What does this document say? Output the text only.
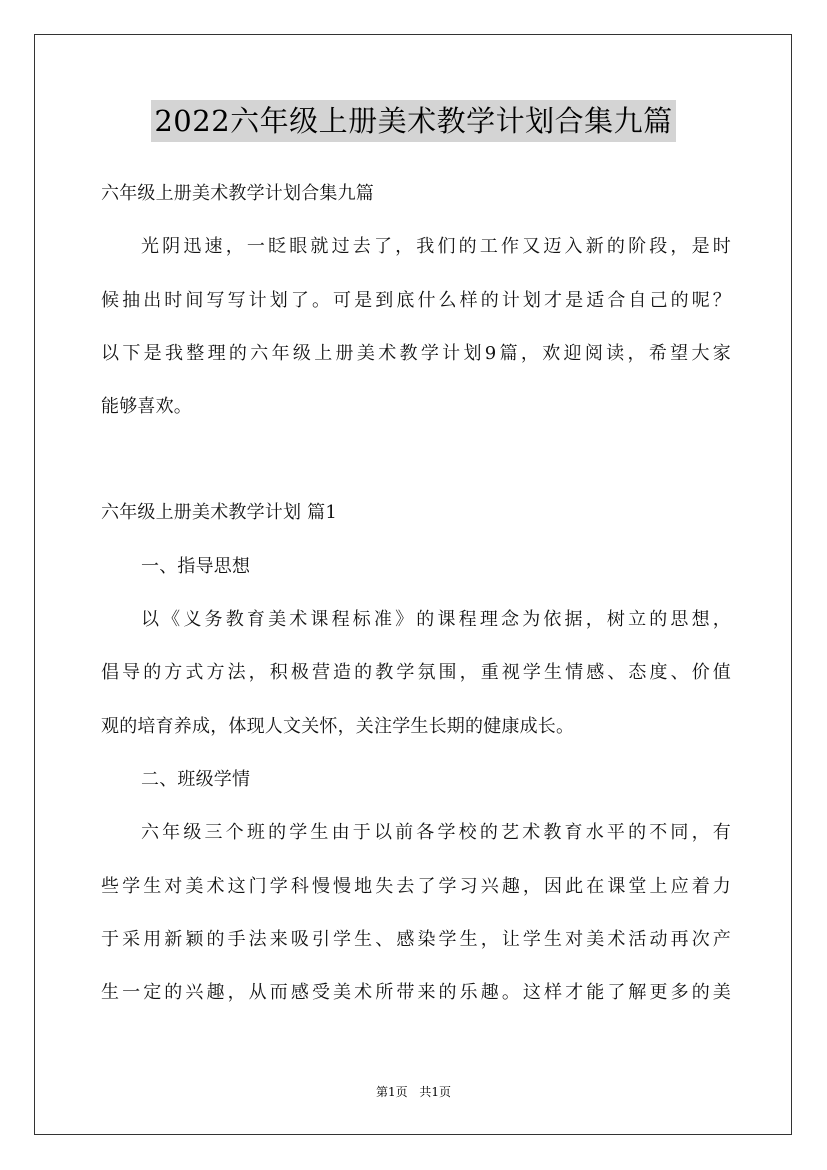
2022六年级上册美术教学计划合集九篇
六年级上册美术教学计划合集九篇
光阴迅速，一眨眼就过去了，我们的工作又迈入新的阶段，是时
候抽出时间写写计划了。可是到底什么样的计划才是适合自己的呢？
以下是我整理的六年级上册美术教学计划9篇，欢迎阅读，希望大家
能够喜欢。
六年级上册美术教学计划 篇1
一、指导思想
以《义务教育美术课程标准》的课程理念为依据，树立的思想，
倡导的方式方法，积极营造的教学氛围，重视学生情感、态度、价值
观的培育养成，体现人文关怀，关注学生长期的健康成长。
二、班级学情
六年级三个班的学生由于以前各学校的艺术教育水平的不同，有
些学生对美术这门学科慢慢地失去了学习兴趣，因此在课堂上应着力
于采用新颖的手法来吸引学生、感染学生，让学生对美术活动再次产
生一定的兴趣，从而感受美术所带来的乐趣。这样才能了解更多的美
第1页 共1页
